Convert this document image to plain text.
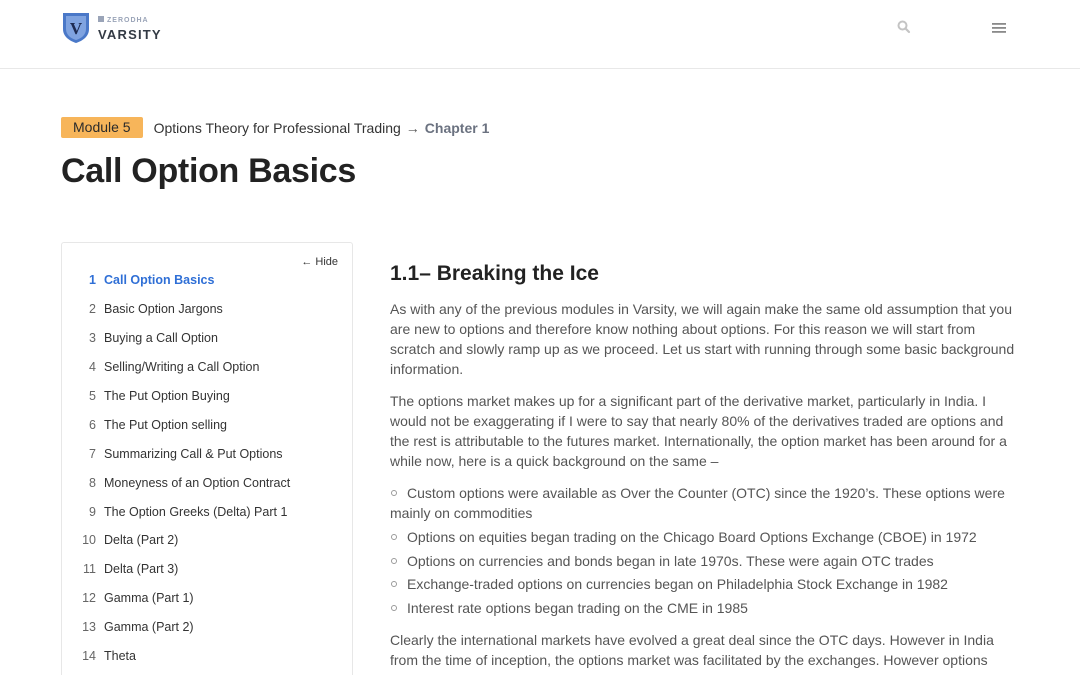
V	ZERODHA
VARSITY
Module 5	Options Theory for Professional Trading → Chapter 1
Call Option Basics
← Hide
1 Call Option Basics
2 Basic Option Jargons
3 Buying a Call Option
4 Selling/Writing a Call Option
5 The Put Option Buying
6 The Put Option selling
7 Summarizing Call & Put Options
8 Moneyness of an Option Contract
9 The Option Greeks (Delta) Part 1
10 Delta (Part 2)
11 Delta (Part 3)
12 Gamma (Part 1)
13 Gamma (Part 2)
14 Theta
1.1– Breaking the Ice

As with any of the previous modules in Varsity, we will again make the same old assumption that you are new to options and therefore know nothing about options. For this reason we will start from scratch and slowly ramp up as we proceed. Let us start with running through some basic background information.

The options market makes up for a significant part of the derivative market, particularly in India. I would not be exaggerating if I were to say that nearly 80% of the derivatives traded are options and the rest is attributable to the futures market. Internationally, the option market has been around for a while now, here is a quick background on the same –

Custom options were available as Over the Counter (OTC) since the 1920’s. These options were mainly on commodities
Options on equities began trading on the Chicago Board Options Exchange (CBOE) in 1972
Options on currencies and bonds began in late 1970s. These were again OTC trades
Exchange-traded options on currencies began on Philadelphia Stock Exchange in 1982
Interest rate options began trading on the CME in 1985

Clearly the international markets have evolved a great deal since the OTC days. However in India from the time of inception, the options market was facilitated by the exchanges. However options
